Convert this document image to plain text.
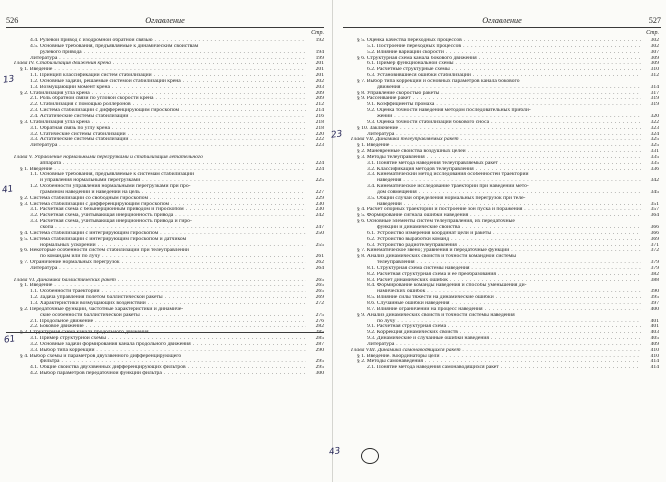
526	Оглавление
Стр.
4.4. Рулевой привод с изодромной обратной связью . . .	192
4.5. Основные требования, предъявляемые к динамическим свойствам
рулевого привода . . .	194
Литература . . .	199
Глава IV. Стабилизация движения крена . . .	201
§ 1. Введение . . .	201
1.1. Принцип классификации систем стабилизации . . .	201
1.2. Основные задачи, решаемые системой стабилизации крена . . .	202
1.3. Возмущающий момент крена . . .	203
§ 2. Стабилизация угла крена . . .	209
2.1. Роль обратной связи по угловой скорости крена . . .	209
2.2. Стабилизация с помощью роллеронов . . .	212
2.3. Система стабилизации с дифференцирующим гироскопом . . .	214
2.4. Астатические системы стабилизации . . .	216
§ 3. Стабилизация угла крена . . .	218
3.1. Обратная связь по углу крена . . .	218
3.2. Статические системы стабилизации . . .	220
3.3. Астатические системы стабилизации . . .	222
Литература . . .	223
Глава V. Управление нормальными перегрузками и стабилизация летательного
аппарата . . .	224
§ 1. Введение . . .	224
1.1. Основные требования, предъявляемые к системам стабилизации
и управления нормальными перегрузками . . .	225
1.2. Особенности управления нормальными перегрузками при про-
граммном наведении и наведении на цель . . .	227
§ 2. Система стабилизации со свободным гироскопом . . .	229
§ 3. Система стабилизации с дифференцирующим гироскопом . . .	230
3.1. Расчетная схема с безынерционным приводом и гироскопом . . .	230
3.2. Расчетная схема, учитывающая инерционность привода . . .	242
3.3. Расчетная схема, учитывающая инерционность привода и гиро-
скопа . . .	247
§ 4. Система стабилизации с интегрирующим гироскопом . . .	250
§ 5. Система стабилизации с интегрирующим гироскопом и датчиком
нормальных ускорений . . .	255
§ 6. Некоторые особенности систем стабилизации при телеуправлении
по командам или по лучу . . .	261
§ 7. Ограничение нормальных перегрузок . . .	262
Литература . . .	264
Глава VI. Динамика баллистических ракет . . .	265
§ 1. Введение . . .	265
1.1. Особенности траекторий . . .	265
1.2. Задача управления полетом баллистической ракеты . . .	269
1.3. Характеристики возмущающих воздействий . . .	272
§ 2. Передаточные функции, частотные характеристики и динамиче-
ские особенности баллистической ракеты . . .	275
2.1. Продольное движение . . .	276
2.2. Боковое движение . . .	282
. . .
3.1. Пример структурной схемы . . .	285
3.2. Основные задачи формирования канала продольного движения . . .	287
3.3. Выбор типа коррекции . . .	290
§ 4. Выбор схемы и параметров двухзвенного дифференцирующего
фильтра . . .	295
4.1. Общие свойства двухзвенных дифференцирующих фильтров . . .	295
4.2. Выбор параметров передаточной функции фильтра . . .	300
13
41
61
Оглавление	527
Стр.
§ 5. Оценка качества переходных процессов . . .	302
5.1. Построение переходных процессов . . .	302
5.2. Влияние вариаций скорости . . .	307
§ 6. Структурная схема канала бокового движения . . .	309
6.1. Пример функциональной схемы . . .	309
6.2. Расчетные структурные схемы . . .	310
6.3. Установившиеся ошибки стабилизации . . .	312
§ 7. Выбор типа коррекции и основных параметров канала бокового
движения . . .	314
§ 8. Управление скоростью ракеты . . .	317
§ 9. Рассеивание ракет . . .	319
9.1. Коэффициенты промаха . . .	319
9.2. Оценка точности наведения методом последовательных прибли-
жений . . .	320
9.3. Оценка точности стабилизации бокового сноса . . .	322
§ 10. Заключение . . .	323
Литература . . .	324
Глава VII. Динамика телеуправляемых ракет . . .	325
§ 1. Введение . . .	325
§ 2. Маневренные свойства воздушных целей . . .	331
§ 3. Методы телеуправления . . .	335
3.1. Понятие метода наведения телеуправляемых ракет . . .	335
3.2. Классификация методов телеуправления . . .	336
3.3. Кинематический метод исследования особенностей траектории
наведения . . .	342
3.4. Кинематическое исследование траекторий при наведении мето-
дом совмещения . . .	345
3.5. Общий случай определения нормальных перегрузок при теле-
наведении . . .	351
§ 4. Расчет опорных траекторий и построение зон пуска и поражения . . .	357
§ 5. Формирование сигнала ошибки наведения . . .	364
§ 6. Основные элементы систем телеуправления, их передаточные
функции и динамические свойства . . .	366
6.1. Устройство измерения координат цели и ракеты . . .	366
6.2. Устройство выработки команд . . .	369
6.3. Устройство радиотелеуправления . . .	371
§ 7. Кинематическое звено; уравнения и передаточные функции . . .	372
§ 8. Анализ динамических свойств и точности командной системы
телеуправления . . .	379
8.1. Структурная схема системы наведения . . .	379
8.2. Расчетная структурная схема и ее преобразования . . .	382
8.3. Расчет динамических ошибок . . .	388
8.4. Формирование команды наведения и способы уменьшения ди-
намических ошибок . . .	390
8.5. Влияние силы тяжести на динамические ошибки . . .	395
8.6. Случайные ошибки наведения . . .	397
8.7. Влияние ограничений на процесс наведения . . .	400
§ 9. Анализ динамических свойств и точности системы наведения
по лучу . . .	401
9.1. Расчетная структурная схема . . .	401
9.2. Коррекция динамических свойств . . .	403
9.3. Динамические и случайные ошибки наведения . . .	405
Литература . . .	409
Глава VIII. Динамика самонаводящихся ракет . . .	410
§ 1. Введение. Координаторы цели . . .	410
§ 2. Методы самонаведения . . .	414
2.1. Понятие метода наведения самонаводящихся ракет . . .	414
23
43
